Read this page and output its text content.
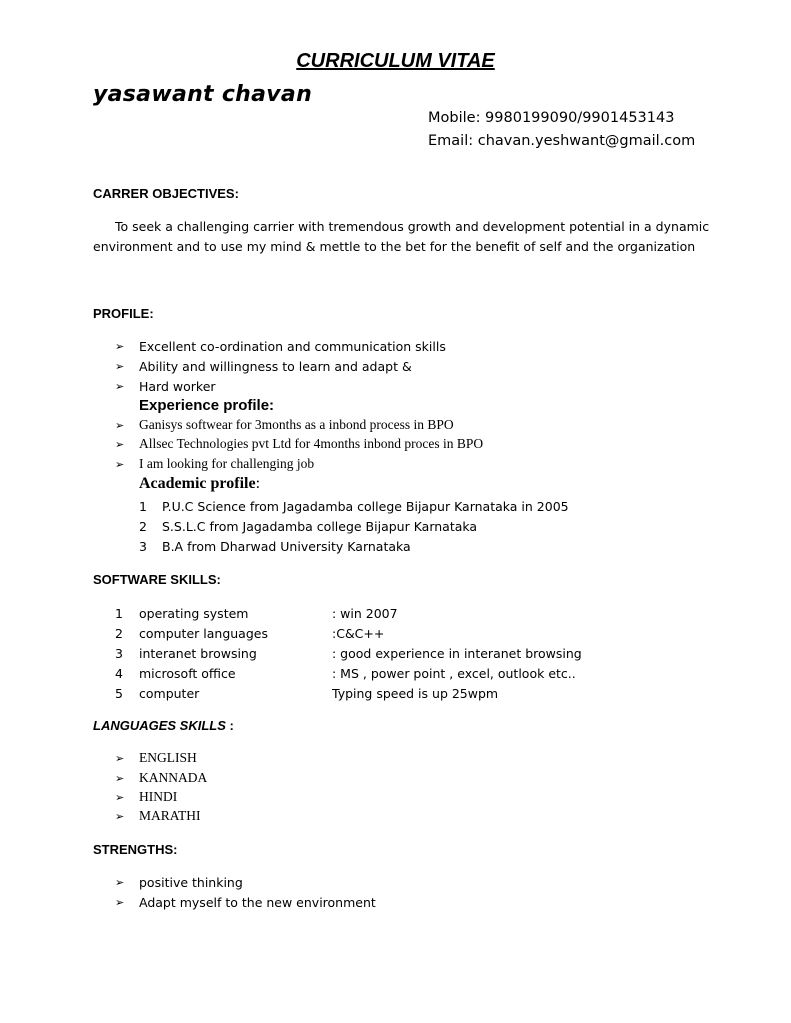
CURRICULUM VITAE
yasawant chavan
Mobile: 9980199090/9901453143
Email: chavan.yeshwant@gmail.com
CARRER OBJECTIVES:
To seek a challenging carrier with tremendous growth and development potential in a dynamic
environment and to use my mind & mettle to the bet for the benefit of self and the organization
PROFILE:
➢ Excellent co-ordination and communication skills
➢ Ability and willingness to learn and adapt &
➢ Hard worker
Experience profile:
➢ Ganisys softwear for 3months as a inbond process in BPO
➢ Allsec Technologies pvt Ltd for 4months inbond proces in BPO
➢ I am looking for challenging job
Academic profile:
1 P.U.C Science from Jagadamba college Bijapur Karnataka in 2005
2 S.S.L.C from Jagadamba college Bijapur Karnataka
3 B.A from Dharwad University Karnataka
SOFTWARE SKILLS:
1 operating system	: win 2007
2 computer languages	:C&C++
3 interanet browsing	: good experience in interanet browsing
4 microsoft office	: MS , power point , excel, outlook etc..
5 computer	Typing speed is up 25wpm
LANGUAGES SKILLS :
➢ ENGLISH
➢ KANNADA
➢ HINDI
➢ MARATHI
STRENGTHS:
➢ positive thinking
➢ Adapt myself to the new environment
